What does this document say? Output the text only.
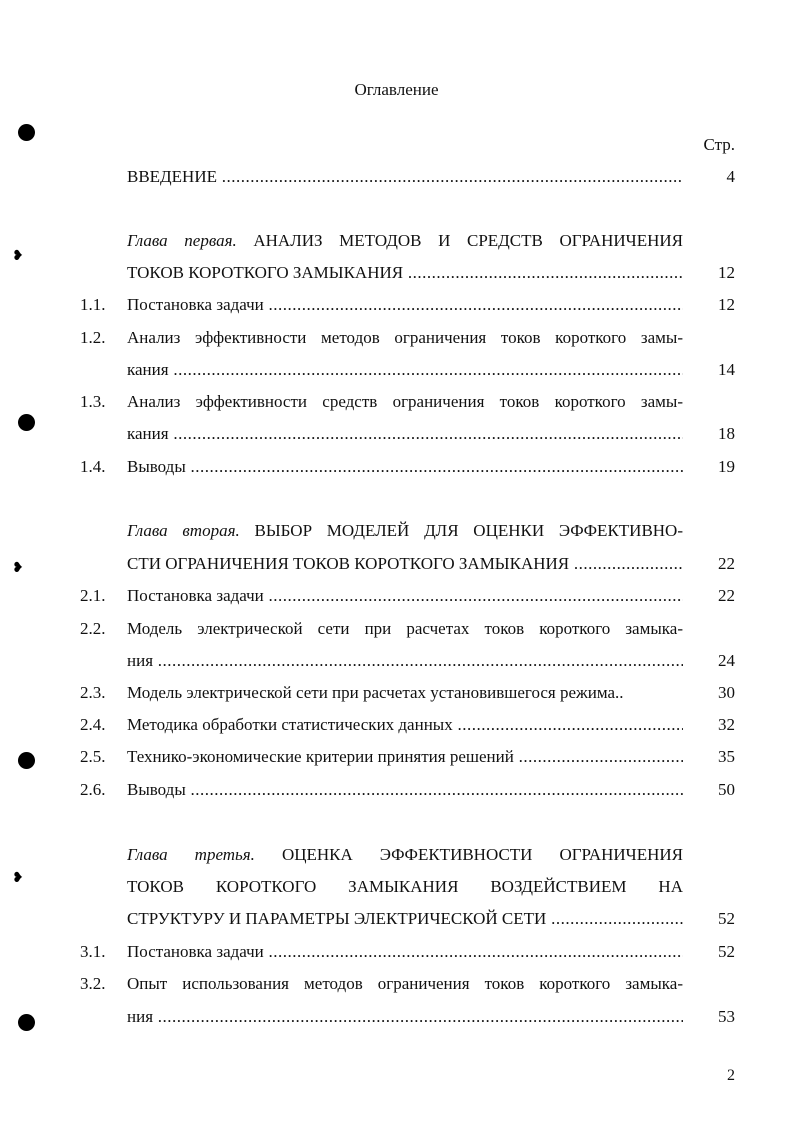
Оглавление
Стр.
ВВЕДЕНИЕ .....	4
Глава первая. АНАЛИЗ МЕТОДОВ И СРЕДСТВ ОГРАНИЧЕНИЯ
ТОКОВ КОРОТКОГО ЗАМЫКАНИЯ .....	12
1.1.	Постановка задачи .....	12
1.2.	Анализ эффективности методов ограничения токов короткого замы-
кания .....	14
1.3.	Анализ эффективности средств ограничения токов короткого замы-
кания .....	18
1.4.	Выводы .....	19
Глава вторая. ВЫБОР МОДЕЛЕЙ ДЛЯ ОЦЕНКИ ЭФФЕКТИВНО-
СТИ ОГРАНИЧЕНИЯ ТОКОВ КОРОТКОГО ЗАМЫКАНИЯ .....	22
2.1.	Постановка задачи .....	22
2.2.	Модель электрической сети при расчетах токов короткого замыка-
ния .....	24
2.3.	Модель электрической сети при расчетах установившегося режима..	30
2.4.	Методика обработки статистических данных .....	32
2.5.	Технико-экономические критерии принятия решений .....	35
2.6.	Выводы .....	50
Глава третья. ОЦЕНКА ЭФФЕКТИВНОСТИ ОГРАНИЧЕНИЯ
ТОКОВ КОРОТКОГО ЗАМЫКАНИЯ ВОЗДЕЙСТВИЕМ НА
СТРУКТУРУ И ПАРАМЕТРЫ ЭЛЕКТРИЧЕСКОЙ СЕТИ .....	52
3.1.	Постановка задачи .....	52
3.2.	Опыт использования методов ограничения токов короткого замыка-
ния .....	53
2
❥
❥
❥
